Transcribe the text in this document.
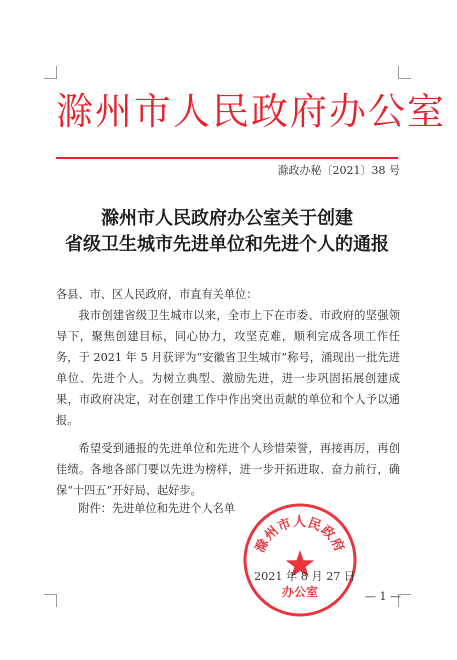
滁州市人民政府办公室
滁政办秘〔2021〕38 号
滁州市人民政府办公室关于创建
省级卫生城市先进单位和先进个人的通报

各县、市、区人民政府，市直有关单位：

我市创建省级卫生城市以来，全市上下在市委、市政府的坚强领导下，聚焦创建目标，同心协力，攻坚克难，顺利完成各项工作任务，于 2021 年 5 月获评为“安徽省卫生城市”称号，涌现出一批先进单位、先进个人。为树立典型、激励先进，进一步巩固拓展创建成果，市政府决定，对在创建工作中作出突出贡献的单位和个人予以通报。

希望受到通报的先进单位和先进个人珍惜荣誉，再接再厉，再创佳绩。各地各部门要以先进为榜样，进一步开拓进取、奋力前行，确保“十四五”开好局、起好步。

附件：先进单位和先进个人名单
滁州市人民政府
办公室
2021 年 8 月 27 日
— 1 —
